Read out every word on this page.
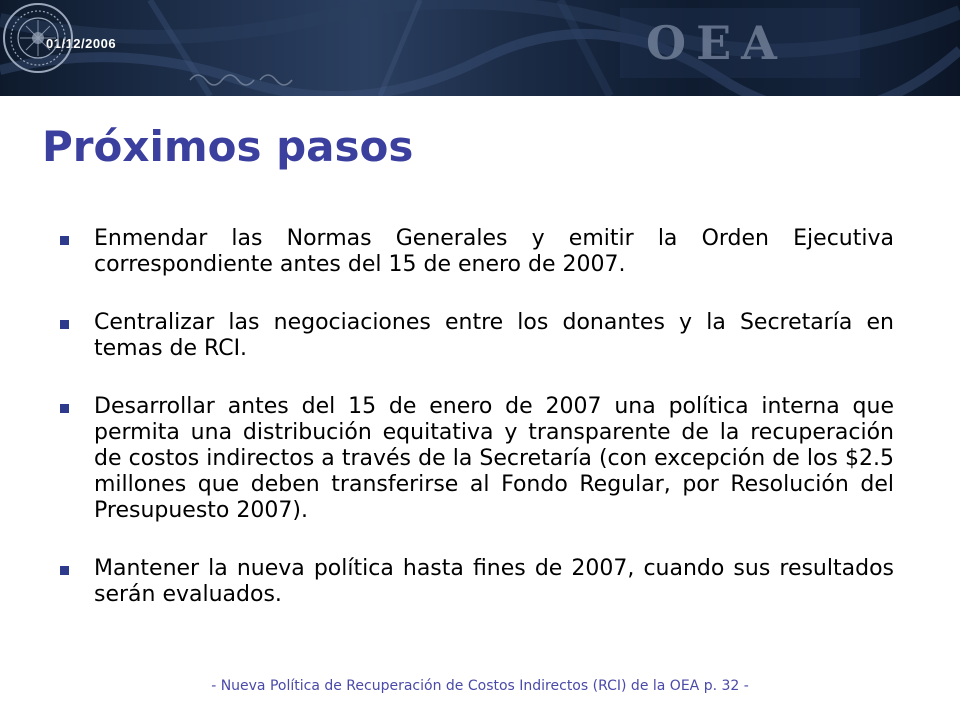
01/12/2006	OEA
Próximos pasos
Enmendar las Normas Generales y emitir la Orden Ejecutiva correspondiente antes del 15 de enero de 2007.
Centralizar las negociaciones entre los donantes y la Secretaría en temas de RCI.
Desarrollar antes del 15 de enero de 2007 una política interna que permita una distribución equitativa y transparente de la recuperación de costos indirectos a través de la Secretaría (con excepción de los $2.5 millones que deben transferirse al Fondo Regular, por Resolución del Presupuesto 2007).
Mantener la nueva política hasta fines de 2007, cuando sus resultados serán evaluados.
- Nueva Política de Recuperación de Costos Indirectos (RCI) de la OEA p. 32 -
